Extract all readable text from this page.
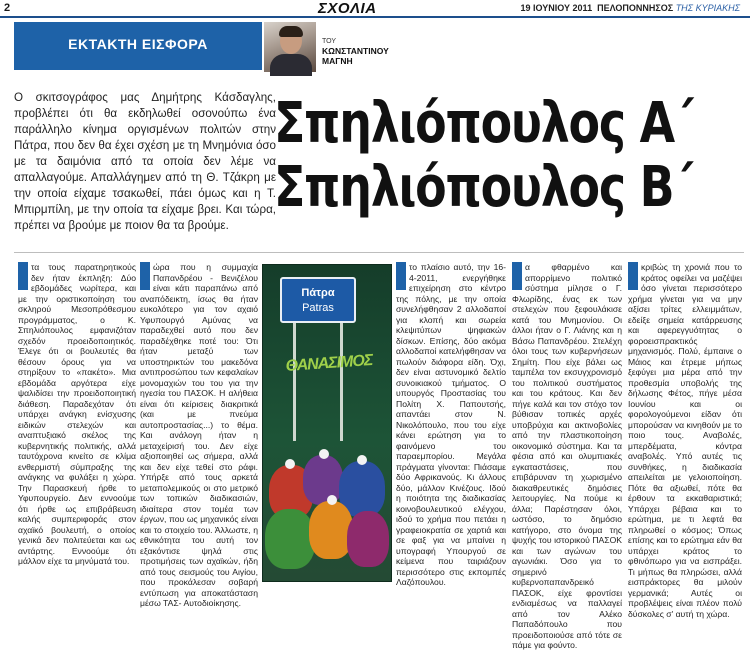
2	ΣΧΟΛΙΑ	19 ΙΟΥΝΙΟΥ 2011 ΠΕΛΟΠΟΝΝΗΣΟΣ ΤΗΣ ΚΥΡΙΑΚΗΣ
ΕΚΤΑΚΤΗ ΕΙΣΦΟΡΑ	ΤΟΥ
ΚΩΝΣΤΑΝΤΙΝΟΥ
ΜΑΓΝΗ

Ο σκιτσογράφος μας Δημήτρης Κάσδαγλης, προβλέπει ότι θα εκδηλωθεί οσονούπω ένα παράλληλο κίνημα οργισμένων πολιτών στην Πάτρα, που δεν θα έχει σχέση με τη Μνημόνια όσο με τα δαιμόνια από τα οποία δεν λέμε να απαλλαγούμε. Απαλλάγημεν από τη Θ. Τζάκρη με την οποία είχαμε τσακωθεί, πάει όμως και η Τ. Μπιρμπίλη, με την οποία τα είχαμε βρει. Και τώρα, πρέπει να βρούμε με ποιον θα τα βρούμε.

Σπηλιόπουλος Α΄
Σπηλιόπουλος Β΄
τα τους παρατηρητικούς δεν ήταν έκπληξη: Δύο εβδομάδες νωρίτερα, και με την οριστικοποίηση του σκληρού Μεσοπρόθεσμου προγράμματος, ο Κ. Σπηλιόπουλος εμφανιζόταν σχεδόν προειδοποιητικός. Έλεγε ότι οι βουλευτές θα θέσουν όρους για να στηρίξουν το «πακέτο». Μια εβδομάδα αργότερα είχε ψαλιδίσει την προειδοποιητική διάθεση. Παραδεχόταν ότι υπάρχει ανάγκη ενίσχυσης ειδικών στελεχών και αναπτυξιακό σκέλος της κυβερνητικής πολιτικής, αλλά ταυτόχρονα κινείτο σε κλίμα ενθερμιστή σύμπραξης της ανάγκης να φυλάξει η χώρα. Την Παρασκευή ήρθε το Υφυπουργείο. Δεν εννοούμε ότι ήρθε ως επιβράβευση καλής συμπεριφοράς στον αχαϊκό βουλευτή, ο οποίος γενικά δεν πολιτεύεται και ως αντάρτης. Εννοούμε ότι μάλλον είχε τα μηνύματά του.
ώρα που η συμμαχία Παπανδρέου - Βενιζέλου είναι κάτι παραπάνω από αναπόδεικτη, ίσως θα ήταν ευκολότερο για τον αχαιό Υφυπουργό Αμύνας να παραδεχθεί αυτό που δεν παραδέχθηκε ποτέ του: Ότι ήταν μεταξύ των υποστηρικτών του μακεδόνα αντιπροσώπου των κεφαλαίων μονομαχιών του του για την ηγεσία του ΠΑΣΟΚ. Η αλήθεια είναι ότι κείρισεις διακριτικά (και με πνεύμα αυτοπροστασίας...) το θέμα. Και ανάλογη ήταν η μεταχείρισή του. Δεν είχε αξιοποιηθεί ως σήμερα, αλλά και δεν είχε τεθεί στο ράφι. Υπήρξε από τους αρκετά μεταπολεμικούς οι στο μετρικό των τοπικών διαδικασιών, ιδιαίτερα στον τομέα των έργων, που ως μηχανικός είναι και το στοιχείο του. Άλλωστε, η εθνικότητα του αυτή τον εξακόντισε ψηλά στις προτιμήσεις των αχαϊκών, ήδη από τους σεισμούς του Αιγίου, που προκάλεσαν σοβαρή εντύπωση για αποκατάσταση μέσω ΤΑΣ- Αυτοδιοίκησης.
Πάτρα
Patras
ΘΑΝΑΣΙΜΟΣ
το πλαίσιο αυτό, την 16-4-2011, ενεργήθηκε επιχείρηση στο κέντρο της πόλης, με την οποία συνελήφθησαν 2 αλλοδαποί για κλοπή και σωρεία κλεψιτύπων ψηφιακών δίσκων. Επίσης, δύο ακόμα αλλοδαποί κατελήφθησαν να πωλούν διάφορα είδη. Όχι, δεν είναι αστυνομικό δελτίο συνοικιακού τμήματος. Ο υπουργός Προστασίας του Πολίτη Χ. Παπουτσής, απαντάει στον Ν. Νικολόπουλο, που του είχε κάνει ερώτηση για το φαινόμενο του παραεμπορίου. Μεγάλα πράγματα γίνονται: Πιάσαμε δύο Αφρικανούς. Κι άλλους δύο, μάλλον Κινέζους. Ιδού η ποιότητα της διαδικασίας κοινοβουλευτικού ελέγχου, ιδού το χρήμα που πετάει η γραφειοκρατία σε χαρτιά και σε φαξ για να μπαίνει η υπογραφή Υπουργού σε κείμενα που ταιριάζουν περισσότερο στις εκπομπές Λαζόπουλου.
α φθαρμένο και απορρίμενο πολιτικό σύστημα μίλησε ο Γ. Φλωρίδης, ένας εκ των στελεχών που ξεφουλάκισε κατά του Μνημονίου. Οι άλλοι ήταν ο Γ. Λιάνης και η Βάσω Παπανδρέου. Στελέχη όλοι τους των κυβερνήσεων Σημίτη. Που είχε βάλει ως ταμπέλα τον εκσυγχρονισμό του πολιτικού συστήματος και του κράτους. Και δεν πήγε καλά και τον στόχο τον βύθισαν τοπικές αρχές υποβρύχια και ακτινοβολίες από την πλαστικοποίηση οικονομικό σύστημα. Και τα φέσια από και ολυμπιακές εγκαταστάσεις, που επιβάρυναν τη χωρισμένο διακαθρευτικές δημόσιες λειτουργίες. Να πούμε κι άλλα; Παρέστησαν όλοι, ωστόσο, το δημόσιο κατήγορο, στο όνομα της ψυχής του ιστορικού ΠΑΣΟΚ και των αγώνων του αγωνιάκι. Όσο για το σημερινό κυβερνοπαπανδρεικό ΠΑΣΟΚ, είχε φροντίσει ενδιαμέσως να παλλαγεί από τον Αλέκο Παπαδόπουλο που προειδοποιούσε από τότε σε πάμε για φούντο.
κριβώς τη χρονιά που το κράτος οφείλει να μαζέψει όσο γίνεται περισσότερο χρήμα γίνεται για να μην αξίσει τρίτες ελλειμμάτων, εδείξε σημεία κατάρρευσης και αφερεγγυότητας ο φοροεισπρακτικός μηχανισμός. Πολύ, έμπαινε ο Μάιος και έτρεμε μήπως ξεφύγει μια μέρα από την προθεσμία υποβολής της δήλωσης Φέτος, πήγε μέσα Ιουνίου και οι φορολογούμενοι είδαν ότι μπορούσαν να κινηθούν με το ποιο τους. Αναβολές, μπερδέματα, κόντρα αναβολές. Υπό αυτές τις συνθήκες, η διαδικασία απειλείται με γελοιοποίηση. Πότε θα αξιωθεί, πότε θα έρθουν τα εκκαθαριστικά; Υπάρχει βέβαια και το ερώτημα, με τι λεφτά θα πληρωθεί ο κόσμος; Όπως επίσης και το ερώτημα εάν θα υπάρχει κράτος το φθινόπωρο για να εισπράξει. Τι μήπως θα πληρώσει, αλλά εισπράκτορες θα μιλούν γερμανικά; Αυτές οι προβλέψεις είναι πλέον πολύ δύσκολες σ' αυτή τη χώρα.
